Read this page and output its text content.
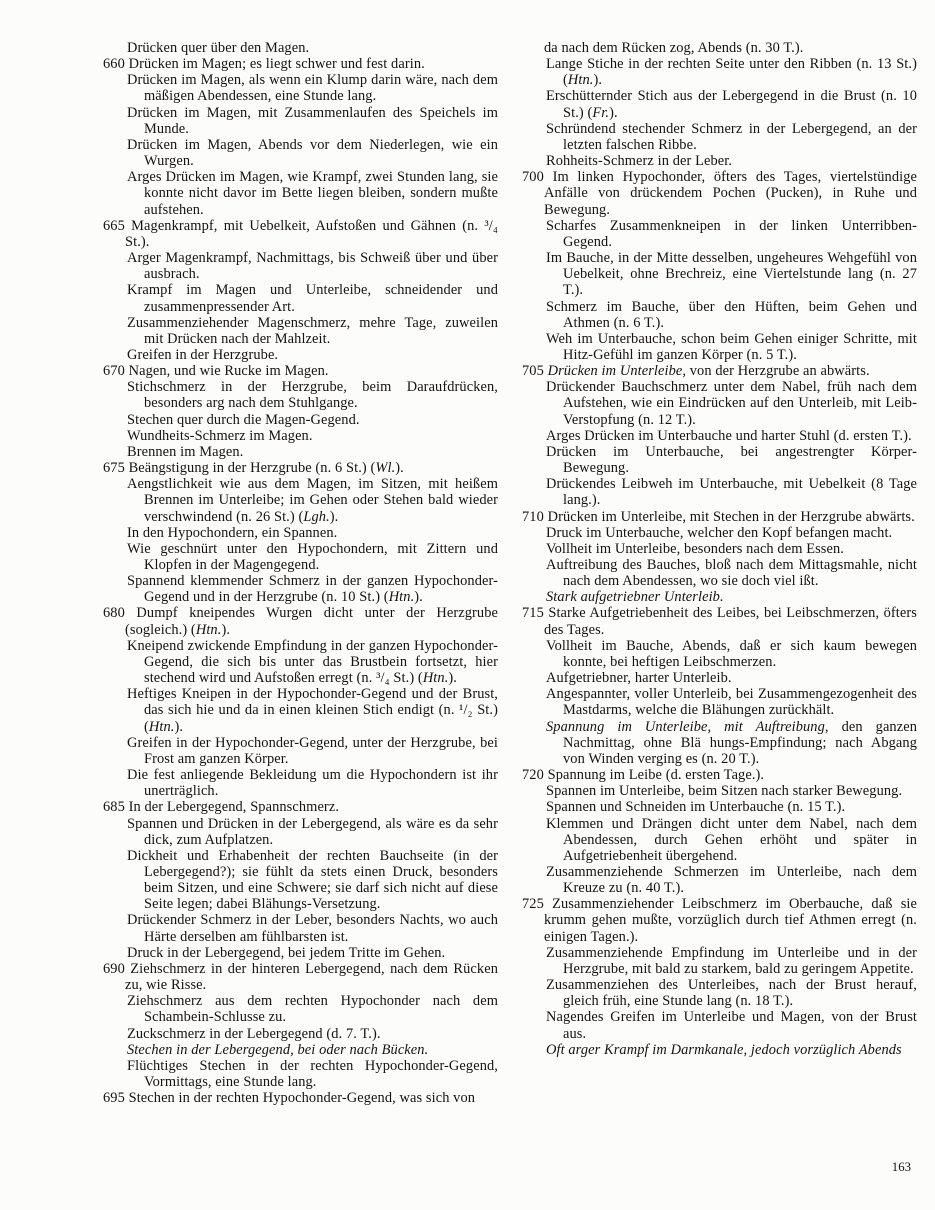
Drücken quer über den Magen.

660 Drücken im Magen; es liegt schwer und fest darin.

Drücken im Magen, als wenn ein Klump darin wäre, nach dem mäßigen Abendessen, eine Stunde lang.

Drücken im Magen, mit Zusammenlaufen des Speichels im Munde.

Drücken im Magen, Abends vor dem Niederlegen, wie ein Wurgen.

Arges Drücken im Magen, wie Krampf, zwei Stunden lang, sie konnte nicht davor im Bette liegen bleiben, sondern mußte aufstehen.

665 Magenkrampf, mit Uebelkeit, Aufstoßen und Gähnen (n. ³/₄ St.).

Arger Magenkrampf, Nachmittags, bis Schweiß über und über ausbrach.

Krampf im Magen und Unterleibe, schneidender und zusammenpressender Art.

Zusammenziehender Magenschmerz, mehre Tage, zuweilen mit Drücken nach der Mahlzeit.

Greifen in der Herzgrube.

670 Nagen, und wie Rucke im Magen.

Stichschmerz in der Herzgrube, beim Daraufdrücken, besonders arg nach dem Stuhlgange.

Stechen quer durch die Magen-Gegend.

Wundheits-Schmerz im Magen.

Brennen im Magen.

675 Beängstigung in der Herzgrube (n. 6 St.) (Wl.).

Aengstlichkeit wie aus dem Magen, im Sitzen, mit heißem Brennen im Unterleibe; im Gehen oder Stehen bald wieder verschwindend (n. 26 St.) (Lgh.).

In den Hypochondern, ein Spannen.

Wie geschnürt unter den Hypochondern, mit Zittern und Klopfen in der Magengegend.

Spannend klemmender Schmerz in der ganzen Hypochonder-Gegend und in der Herzgrube (n. 10 St.) (Htn.).

680 Dumpf kneipendes Wurgen dicht unter der Herzgrube (sogleich.) (Htn.).

Kneipend zwickende Empfindung in der ganzen Hypochonder-Gegend, die sich bis unter das Brustbein fortsetzt, hier stechend wird und Aufstoßen erregt (n. ³/₄ St.) (Htn.).

Heftiges Kneipen in der Hypochonder-Gegend und der Brust, das sich hie und da in einen kleinen Stich endigt (n. ¹/₂ St.) (Htn.).

Greifen in der Hypochonder-Gegend, unter der Herzgrube, bei Frost am ganzen Körper.

Die fest anliegende Bekleidung um die Hypochondern ist ihr unerträglich.

685 In der Lebergegend, Spannschmerz.

Spannen und Drücken in der Lebergegend, als wäre es da sehr dick, zum Aufplatzen.

Dickheit und Erhabenheit der rechten Bauchseite (in der Lebergegend?); sie fühlt da stets einen Druck, besonders beim Sitzen, und eine Schwere; sie darf sich nicht auf diese Seite legen; dabei Blähungs-Versetzung.

Drückender Schmerz in der Leber, besonders Nachts, wo auch Härte derselben am fühlbarsten ist.

Druck in der Lebergegend, bei jedem Tritte im Gehen.

690 Ziehschmerz in der hinteren Lebergegend, nach dem Rücken zu, wie Risse.

Ziehschmerz aus dem rechten Hypochonder nach dem Schambein-Schlusse zu.

Zuckschmerz in der Lebergegend (d. 7. T.).

Stechen in der Lebergegend, bei oder nach Bücken.

Flüchtiges Stechen in der rechten Hypochonder-Gegend, Vormittags, eine Stunde lang.

695 Stechen in der rechten Hypochonder-Gegend, was sich von

da nach dem Rücken zog, Abends (n. 30 T.).

Lange Stiche in der rechten Seite unter den Ribben (n. 13 St.) (Htn.).

Erschütternder Stich aus der Lebergegend in die Brust (n. 10 St.) (Fr.).

Schründend stechender Schmerz in der Lebergegend, an der letzten falschen Ribbe.

Rohheits-Schmerz in der Leber.

700 Im linken Hypochonder, öfters des Tages, viertelstündige Anfälle von drückendem Pochen (Pucken), in Ruhe und Bewegung.

Scharfes Zusammenkneipen in der linken Unterribben-Gegend.

Im Bauche, in der Mitte desselben, ungeheures Wehgefühl von Uebelkeit, ohne Brechreiz, eine Viertelstunde lang (n. 27 T.).

Schmerz im Bauche, über den Hüften, beim Gehen und Athmen (n. 6 T.).

Weh im Unterbauche, schon beim Gehen einiger Schritte, mit Hitz-Gefühl im ganzen Körper (n. 5 T.).

705 Drücken im Unterleibe, von der Herzgrube an abwärts.

Drückender Bauchschmerz unter dem Nabel, früh nach dem Aufstehen, wie ein Eindrücken auf den Unterleib, mit Leib-Verstopfung (n. 12 T.).

Arges Drücken im Unterbauche und harter Stuhl (d. ersten T.).

Drücken im Unterbauche, bei angestrengter Körper-Bewegung.

Drückendes Leibweh im Unterbauche, mit Uebelkeit (8 Tage lang.).

710 Drücken im Unterleibe, mit Stechen in der Herzgrube abwärts.

Druck im Unterbauche, welcher den Kopf befangen macht.

Vollheit im Unterleibe, besonders nach dem Essen.

Auftreibung des Bauches, bloß nach dem Mittagsmahle, nicht nach dem Abendessen, wo sie doch viel ißt.

Stark aufgetriebner Unterleib.

715 Starke Aufgetriebenheit des Leibes, bei Leibschmerzen, öfters des Tages.

Vollheit im Bauche, Abends, daß er sich kaum bewegen konnte, bei heftigen Leibschmerzen.

Aufgetriebner, harter Unterleib.

Angespannter, voller Unterleib, bei Zusammengezogenheit des Mastdarms, welche die Blähungen zurückhält.

Spannung im Unterleibe, mit Auftreibung, den ganzen Nachmittag, ohne Blä hungs-Empfindung; nach Abgang von Winden verging es (n. 20 T.).

720 Spannung im Leibe (d. ersten Tage.).

Spannen im Unterleibe, beim Sitzen nach starker Bewegung.

Spannen und Schneiden im Unterbauche (n. 15 T.).

Klemmen und Drängen dicht unter dem Nabel, nach dem Abendessen, durch Gehen erhöht und später in Aufgetriebenheit übergehend.

Zusammenziehende Schmerzen im Unterleibe, nach dem Kreuze zu (n. 40 T.).

725 Zusammenziehender Leibschmerz im Oberbauche, daß sie krumm gehen mußte, vorzüglich durch tief Athmen erregt (n. einigen Tagen.).

Zusammenziehende Empfindung im Unterleibe und in der Herzgrube, mit bald zu starkem, bald zu geringem Appetite.

Zusammenziehen des Unterleibes, nach der Brust herauf, gleich früh, eine Stunde lang (n. 18 T.).

Nagendes Greifen im Unterleibe und Magen, von der Brust aus.

Oft arger Krampf im Darmkanale, jedoch vorzüglich Abends

163
